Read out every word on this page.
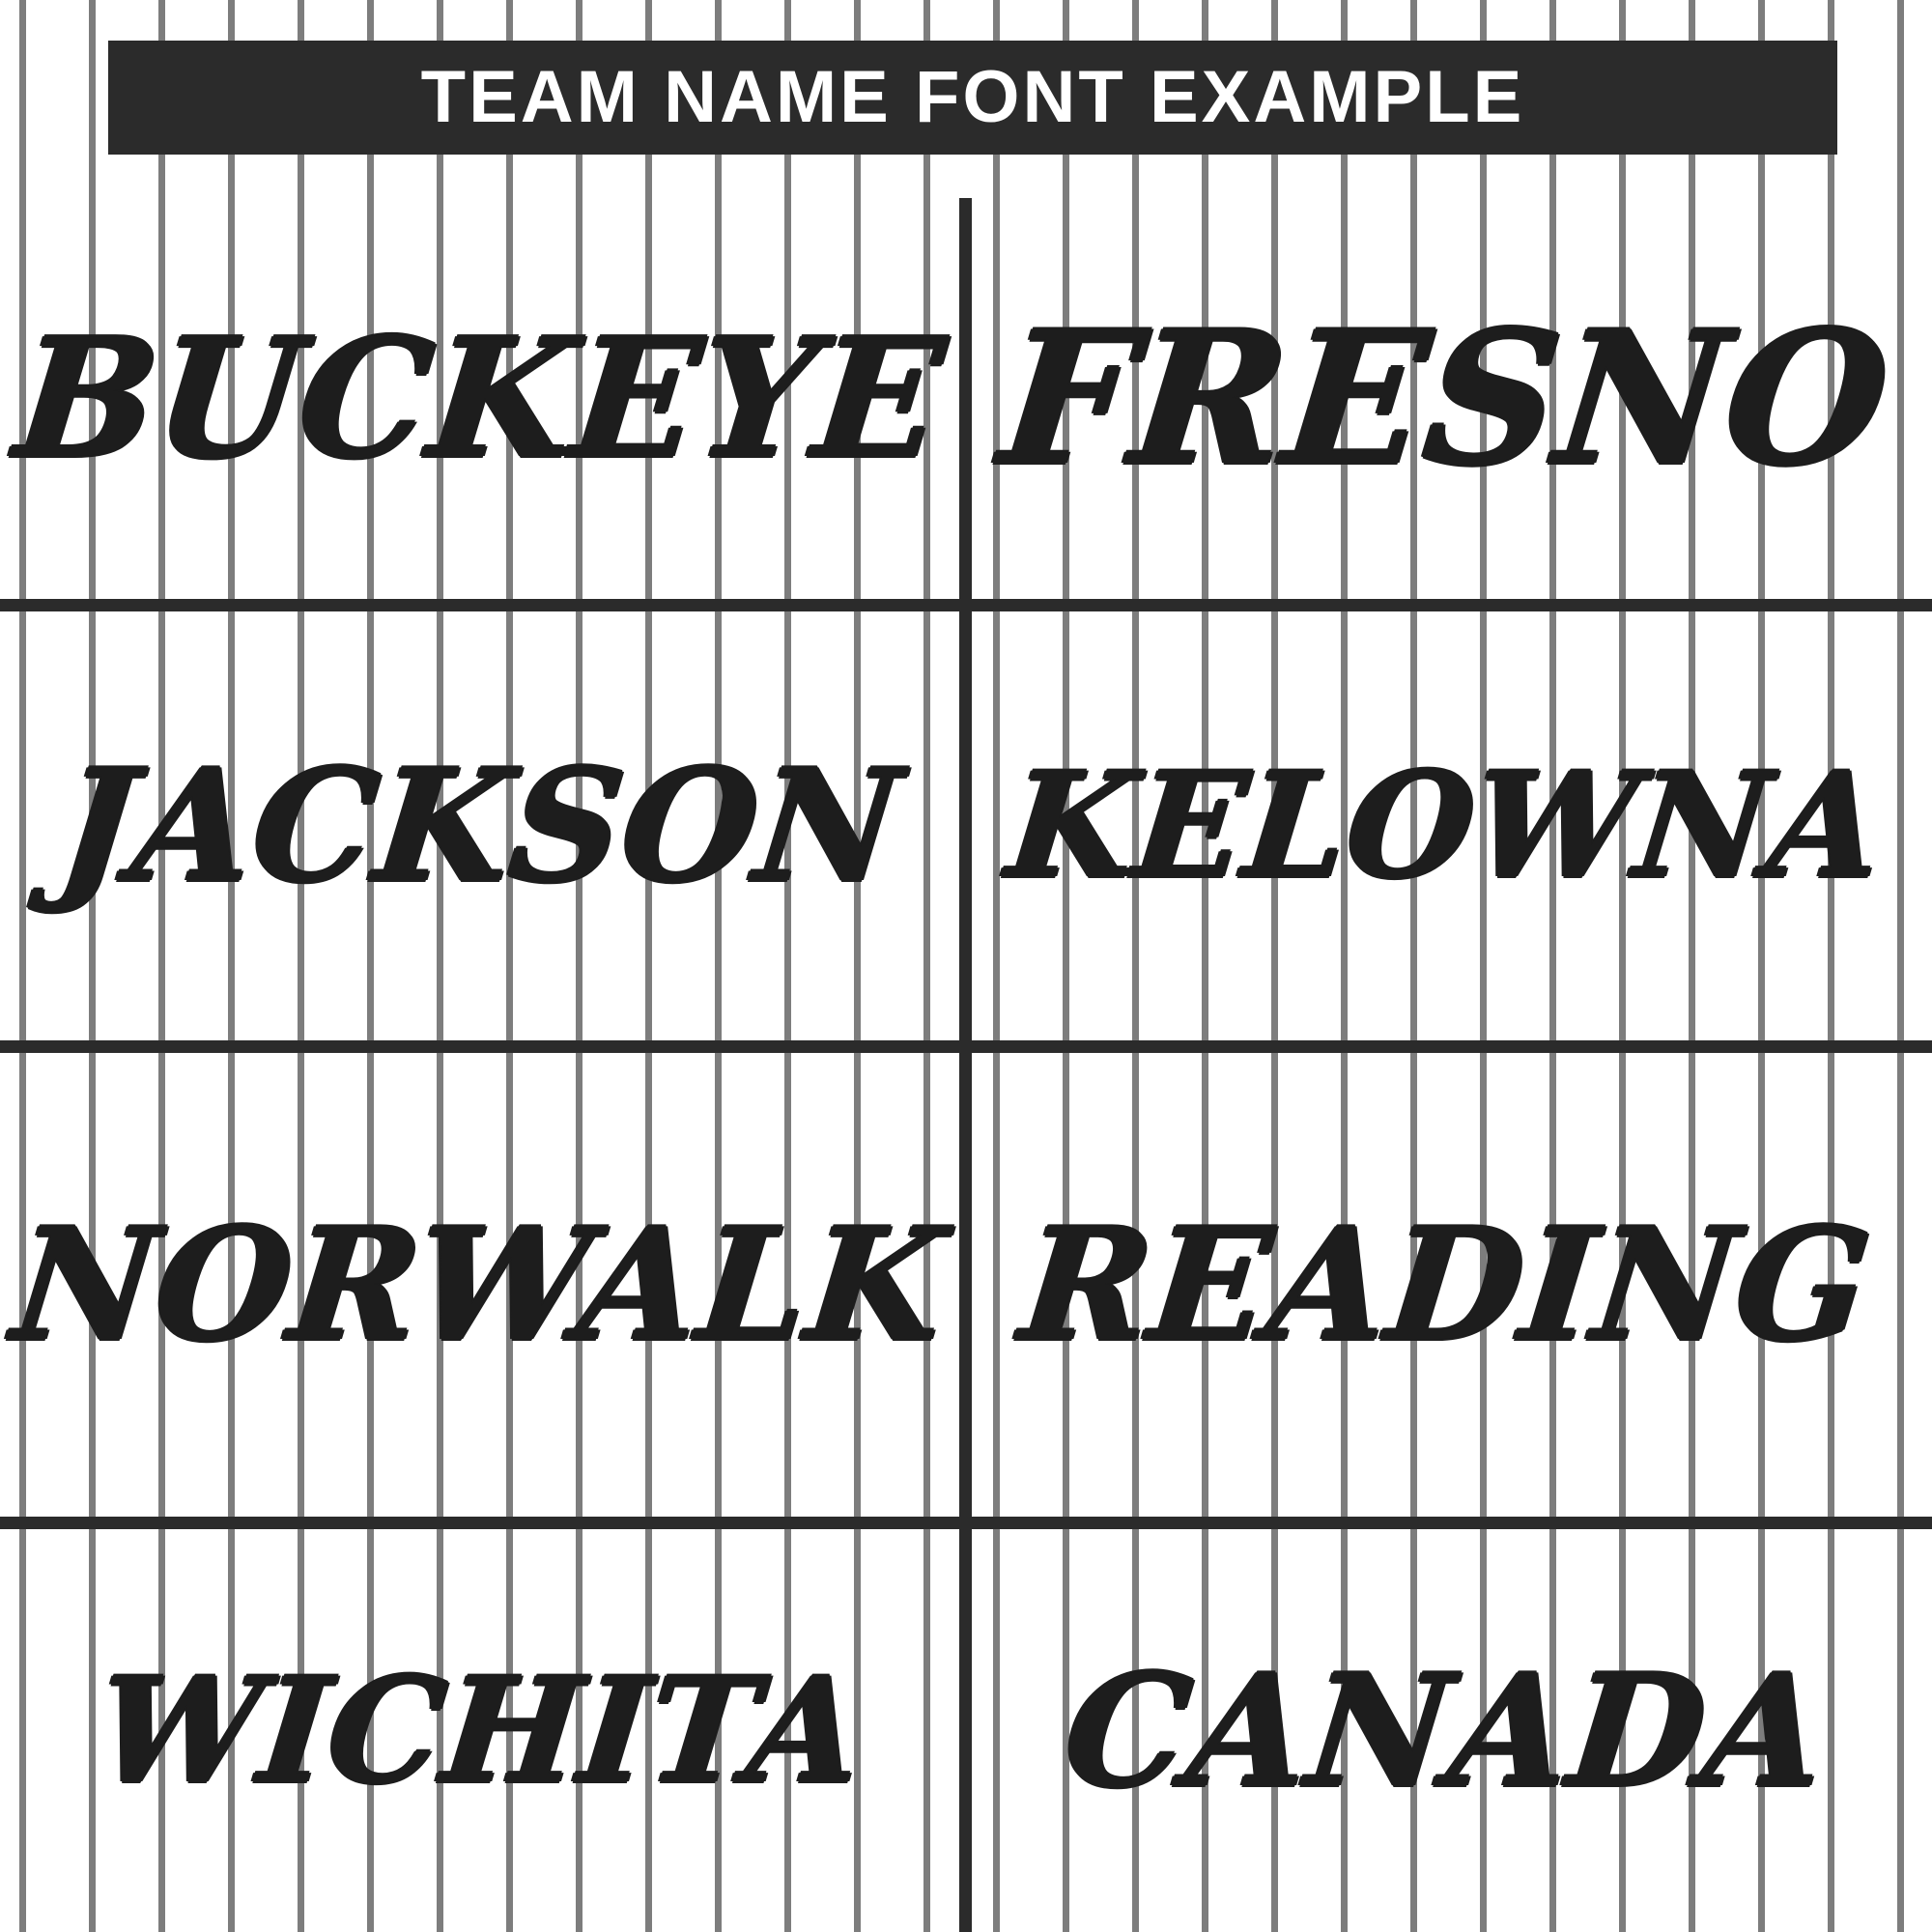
TEAM NAME FONT EXAMPLE
BUCKEYE FRESNO
JACKSON KELOWNA
NORWALK READING
WICHITA CANADA
